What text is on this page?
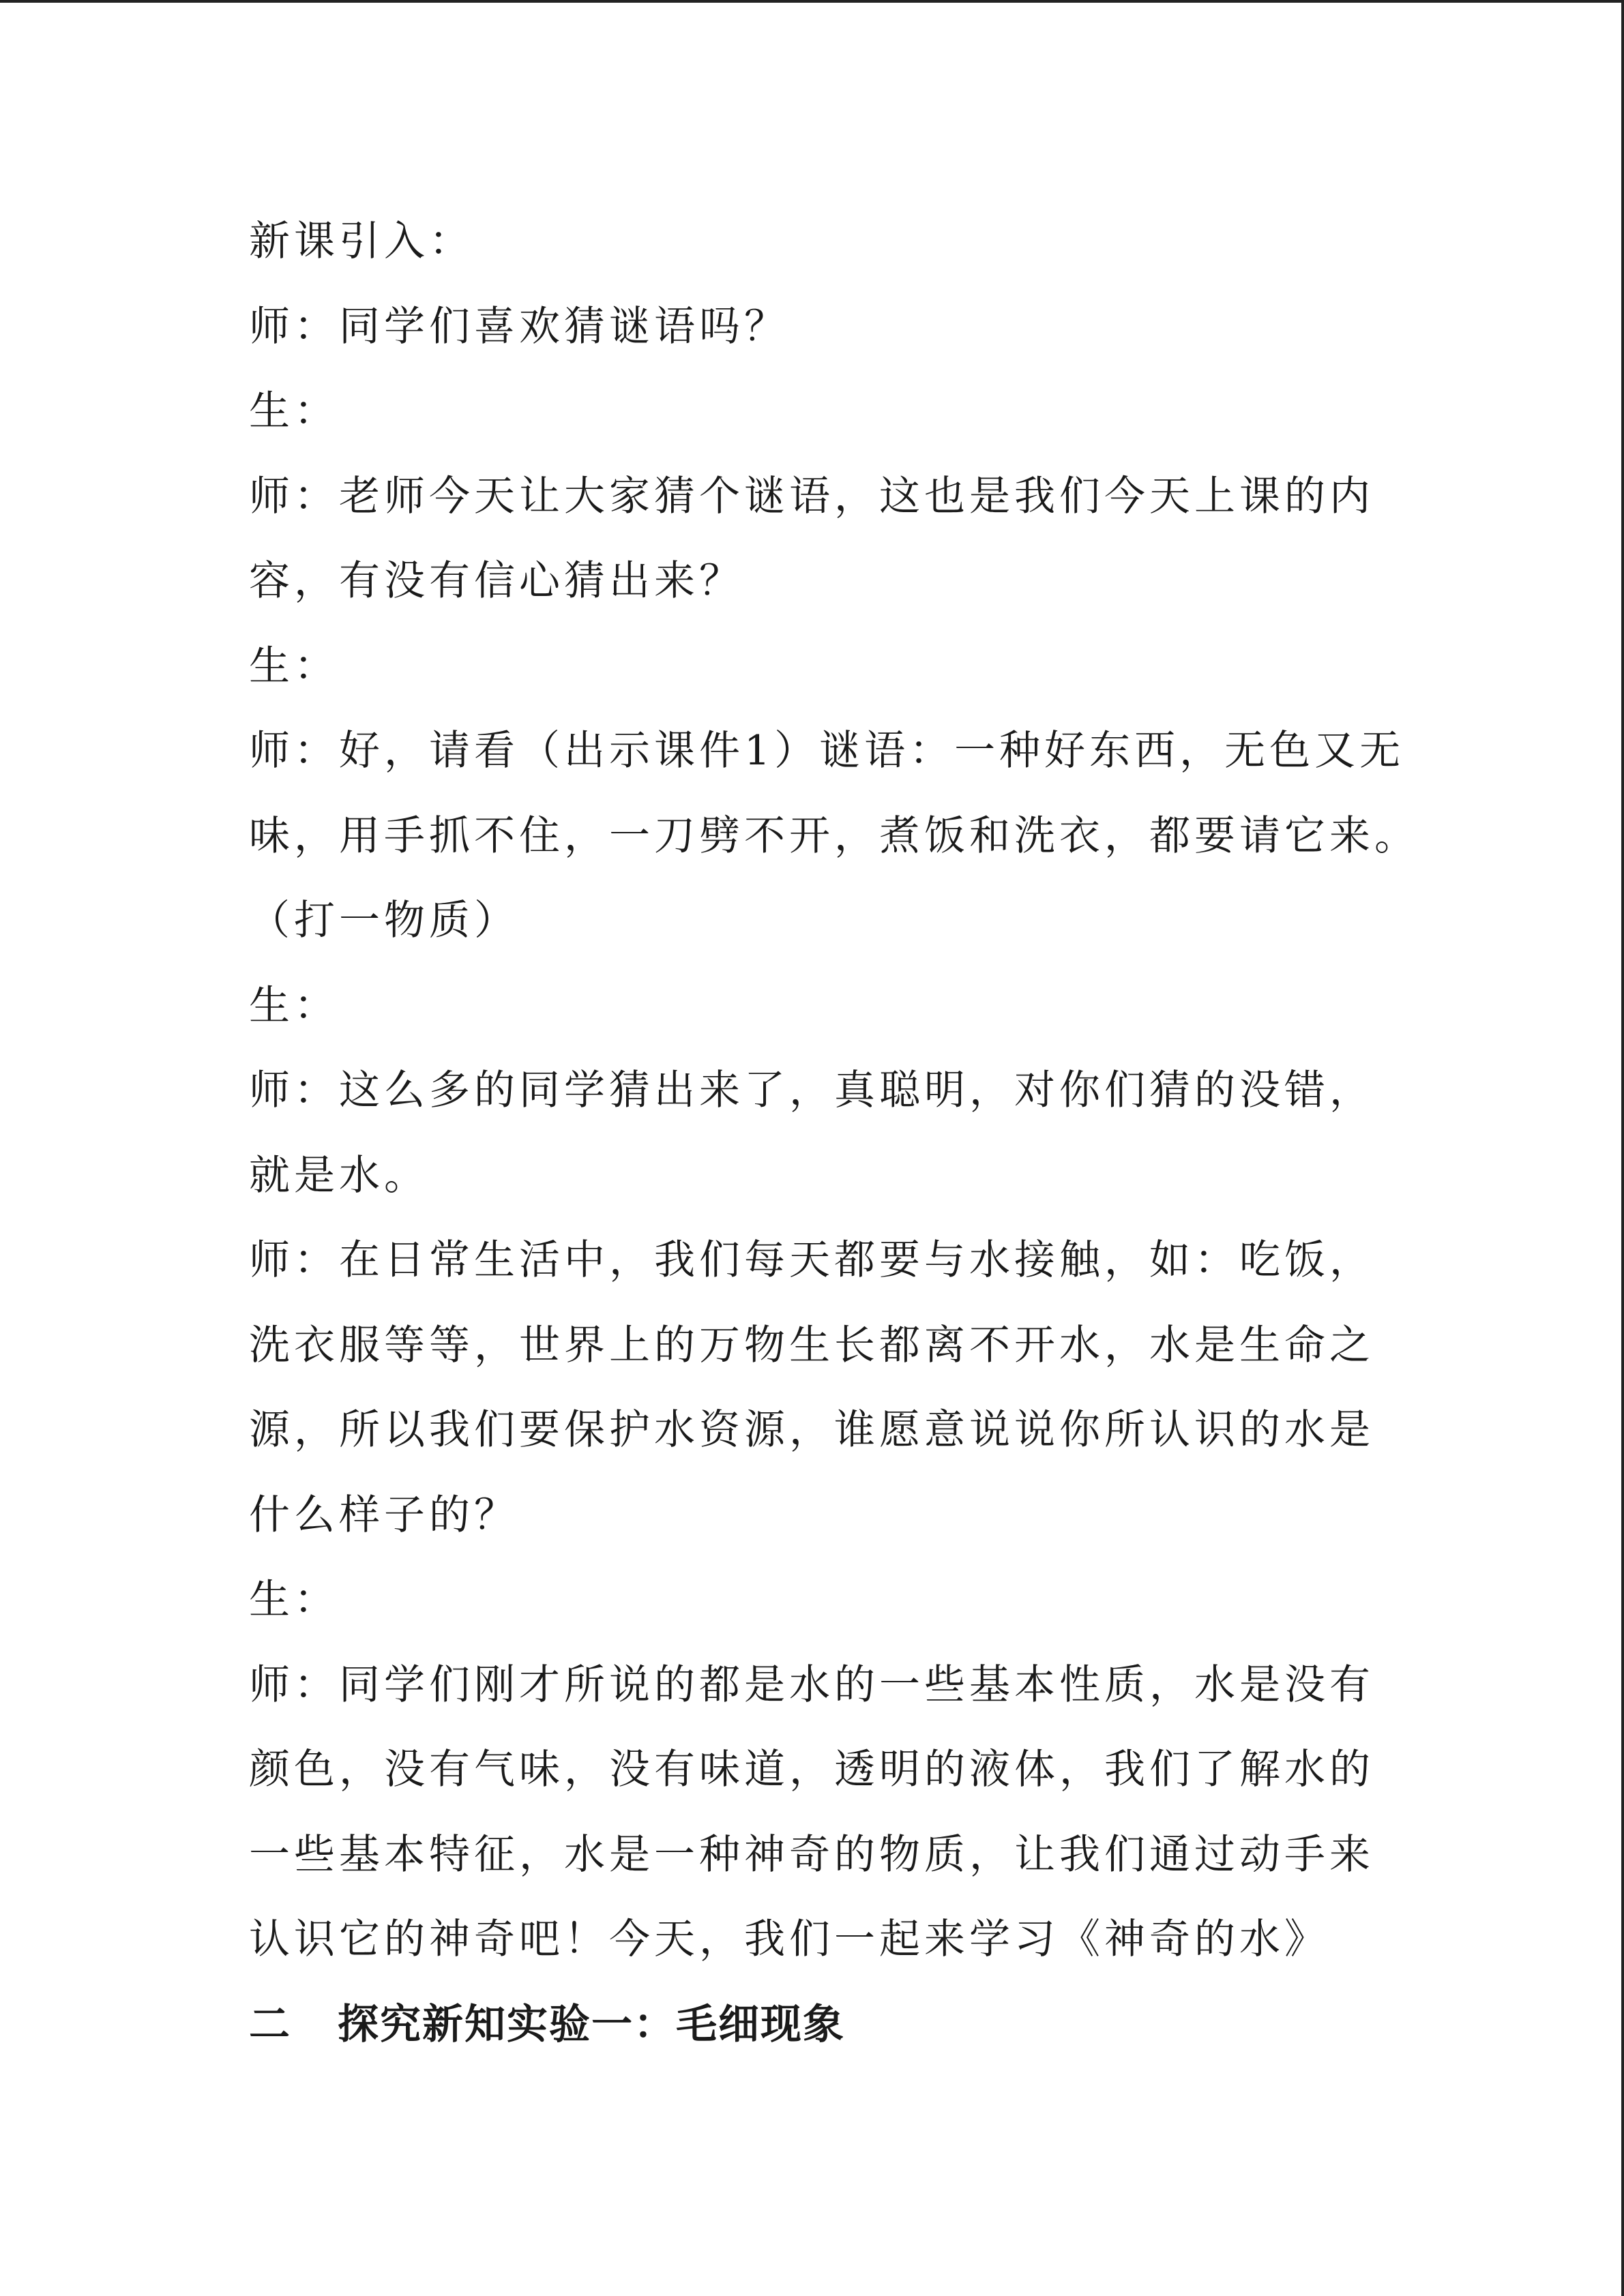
新课引入：
师：同学们喜欢猜谜语吗？
生：
师：老师今天让大家猜个谜语，这也是我们今天上课的内
容，有没有信心猜出来？
生：
师：好，请看（出示课件1）谜语：一种好东西，无色又无
味，用手抓不住，一刀劈不开，煮饭和洗衣，都要请它来。
（打一物质）
生：
师：这么多的同学猜出来了，真聪明，对你们猜的没错，
就是水。
师：在日常生活中，我们每天都要与水接触，如：吃饭，
洗衣服等等，世界上的万物生长都离不开水，水是生命之
源，所以我们要保护水资源，谁愿意说说你所认识的水是
什么样子的？
生：
师：同学们刚才所说的都是水的一些基本性质，水是没有
颜色，没有气味，没有味道，透明的液体，我们了解水的
一些基本特征，水是一种神奇的物质，让我们通过动手来
认识它的神奇吧！今天，我们一起来学习《神奇的水》
二 探究新知实验一：毛细现象
